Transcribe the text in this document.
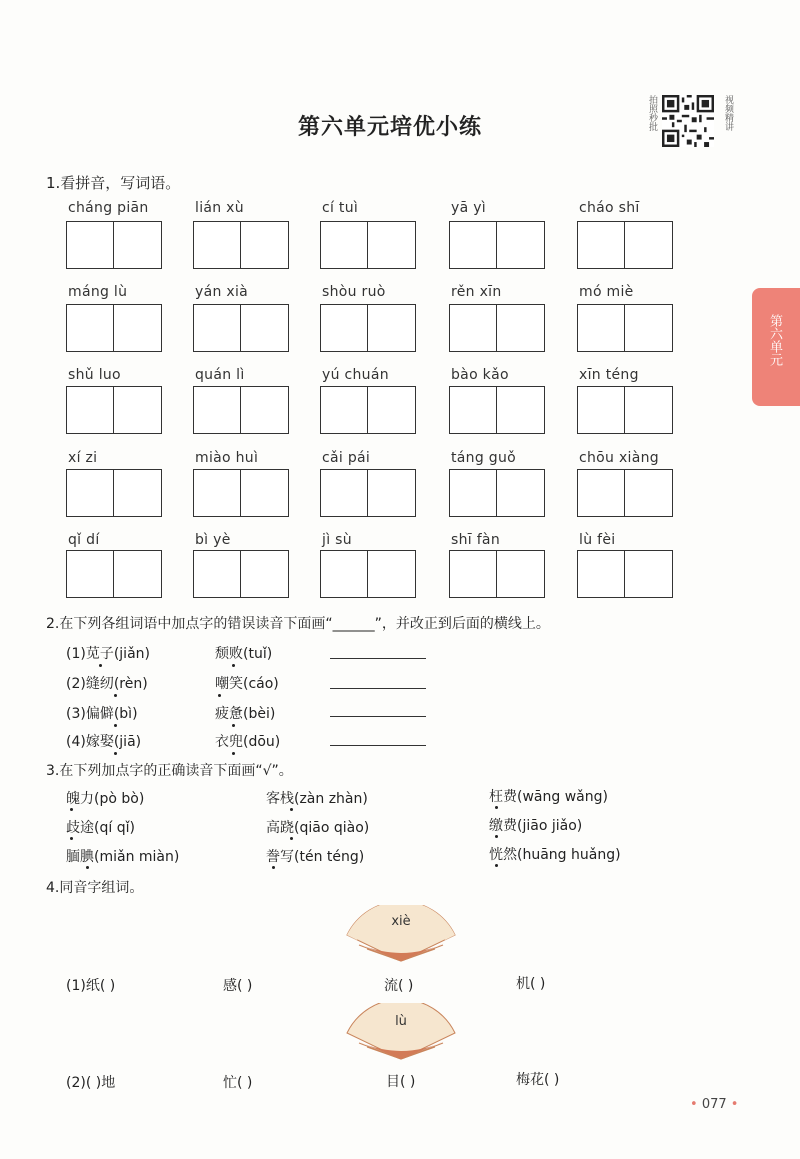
第六单元培优小练	拍照秒批	视频精讲
第六单元
1.看拼音，写词语。
cháng piān	lián xù	cí tuì	yā yì	cháo shī
máng lù	yán xià	shòu ruò	rěn xīn	mó miè
shǔ luo	quán lì	yú chuán	bào kǎo	xīn téng
xí zi	miào huì	cǎi pái	táng guǒ	chōu xiàng
qǐ dí	bì yè	jì sù	shī fàn	lù fèi
2.在下列各组词语中加点字的错误读音下面画“______”，并改正到后面的横线上。
(1)苋子(jiǎn)	颓败(tuǐ)
(2)缝纫(rèn)	嘲笑(cáo)
(3)偏僻(bì)	疲惫(bèi)
(4)嫁娶(jiā)	衣兜(dōu)
3.在下列加点字的正确读音下面画“√”。
魄力(pò bò)	客栈(zàn zhàn)	枉费(wāng wǎng)
歧途(qí qǐ)	高跷(qiāo qiào)	缴费(jiāo jiǎo)
腼腆(miǎn miàn)	誊写(tén téng)	恍然(huāng huǎng)
4.同音字组词。
xiè
(1)纸( )	感( )	流( )	机( )
lù
(2)( )地	忙( )	目( )	梅花( )
• 077 •
